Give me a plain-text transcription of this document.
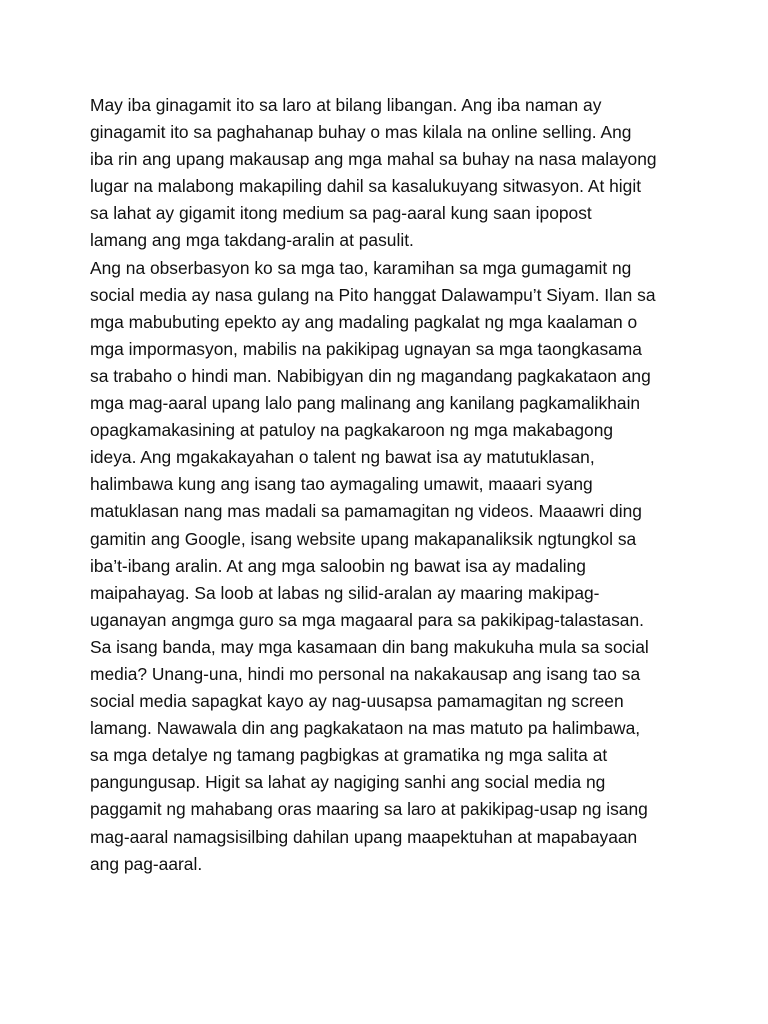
May iba ginagamit ito sa laro at bilang libangan. Ang iba naman ay
ginagamit ito sa paghahanap buhay o mas kilala na online selling. Ang
iba rin ang upang makausap ang mga mahal sa buhay na nasa malayong
lugar na malabong makapiling dahil sa kasalukuyang sitwasyon. At higit
sa lahat ay gigamit itong medium sa pag-aaral kung saan ipopost
lamang ang mga takdang-aralin at pasulit.
Ang na obserbasyon ko sa mga tao, karamihan sa mga gumagamit ng
social media ay nasa gulang na Pito hanggat Dalawampu’t Siyam. Ilan sa
mga mabubuting epekto ay ang madaling pagkalat ng mga kaalaman o
mga impormasyon, mabilis na pakikipag ugnayan sa mga taongkasama
sa trabaho o hindi man. Nabibigyan din ng magandang pagkakataon ang
mga mag-aaral upang lalo pang malinang ang kanilang pagkamalikhain
opagkamakasining at patuloy na pagkakaroon ng mga makabagong
ideya. Ang mgakakayahan o talent ng bawat isa ay matutuklasan,
halimbawa kung ang isang tao aymagaling umawit, maaari syang
matuklasan nang mas madali sa pamamagitan ng videos. Maaawri ding
gamitin ang Google, isang website upang makapanaliksik ngtungkol sa
iba’t-ibang aralin. At ang mga saloobin ng bawat isa ay madaling
maipahayag. Sa loob at labas ng silid-aralan ay maaring makipag-
uganayan angmga guro sa mga magaaral para sa pakikipag-talastasan.
Sa isang banda, may mga kasamaan din bang makukuha mula sa social
media? Unang-una, hindi mo personal na nakakausap ang isang tao sa
social media sapagkat kayo ay nag-uusapsa pamamagitan ng screen
lamang. Nawawala din ang pagkakataon na mas matuto pa halimbawa,
sa mga detalye ng tamang pagbigkas at gramatika ng mga salita at
pangungusap. Higit sa lahat ay nagiging sanhi ang social media ng
paggamit ng mahabang oras maaring sa laro at pakikipag-usap ng isang
mag-aaral namagsisilbing dahilan upang maapektuhan at mapabayaan
ang pag-aaral.
